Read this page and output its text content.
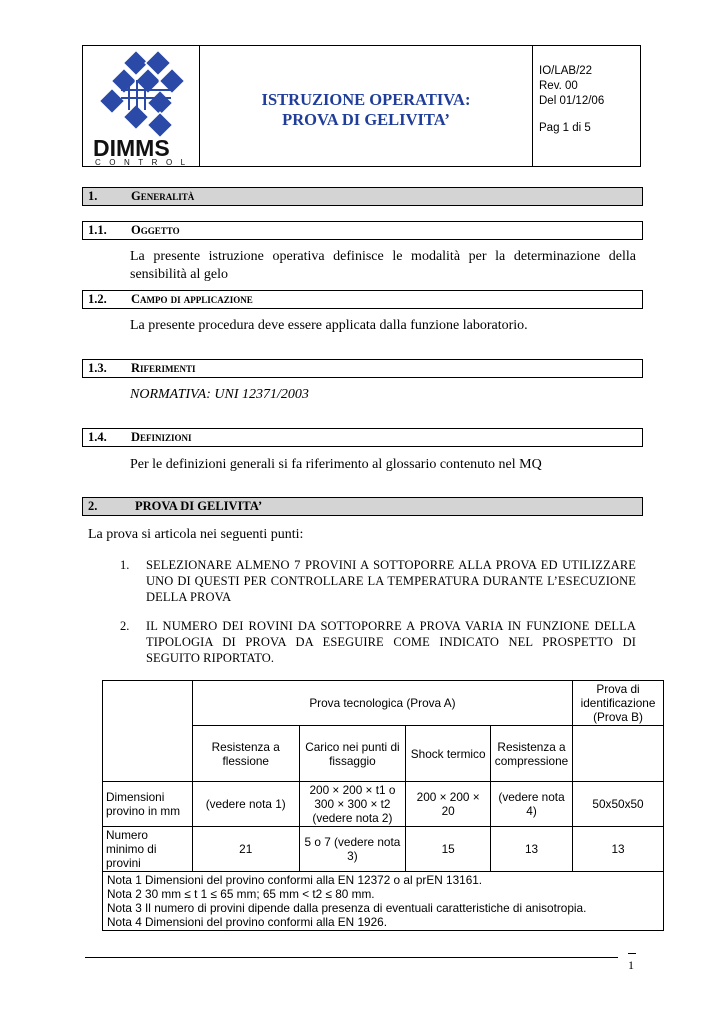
DIMMS
CONTROL
ISTRUZIONE OPERATIVA:
PROVA DI GELIVITA’
IO/LAB/22
Rev. 00
Del 01/12/06
Pag 1 di 5
1.	Generalità
1.1. Oggetto
La presente istruzione operativa definisce le modalità per la determinazione della sensibilità al gelo
1.2. Campo di applicazione
La presente procedura deve essere applicata dalla funzione laboratorio.
1.3. Riferimenti
NORMATIVA: UNI 12371/2003
1.4. Definizioni
Per le definizioni generali si fa riferimento al glossario contenuto nel MQ
2.	PROVA DI GELIVITA’
La prova si articola nei seguenti punti:
1. SELEZIONARE ALMENO 7 PROVINI A SOTTOPORRE ALLA PROVA ED UTILIZZARE UNO DI QUESTI PER CONTROLLARE LA TEMPERATURA DURANTE L’ESECUZIONE DELLA PROVA
2. IL NUMERO DEI ROVINI DA SOTTOPORRE A PROVA VARIA IN FUNZIONE DELLA TIPOLOGIA DI PROVA DA ESEGUIRE COME INDICATO NEL PROSPETTO DI SEGUITO RIPORTATO.
	Prova tecnologica (Prova A)				Prova di identificazione (Prova B)
	Resistenza a flessione	Carico nei punti di fissaggio	Shock termico	Resistenza a compressione	
Dimensioni provino in mm	(vedere nota 1)	200 × 200 × t1 o 300 × 300 × t2 (vedere nota 2)	200 × 200 × 20	(vedere nota 4)	50x50x50
Numero minimo di provini	21	5 o 7 (vedere nota 3)	15	13	13

Nota 1 Dimensioni del provino conformi alla EN 12372 o al prEN 13161.
Nota 2 30 mm ≤ t 1 ≤ 65 mm; 65 mm < t2 ≤ 80 mm.
Nota 3 Il numero di provini dipende dalla presenza di eventuali caratteristiche di anisotropia.
Nota 4 Dimensioni del provino conformi alla EN 1926.					
1
